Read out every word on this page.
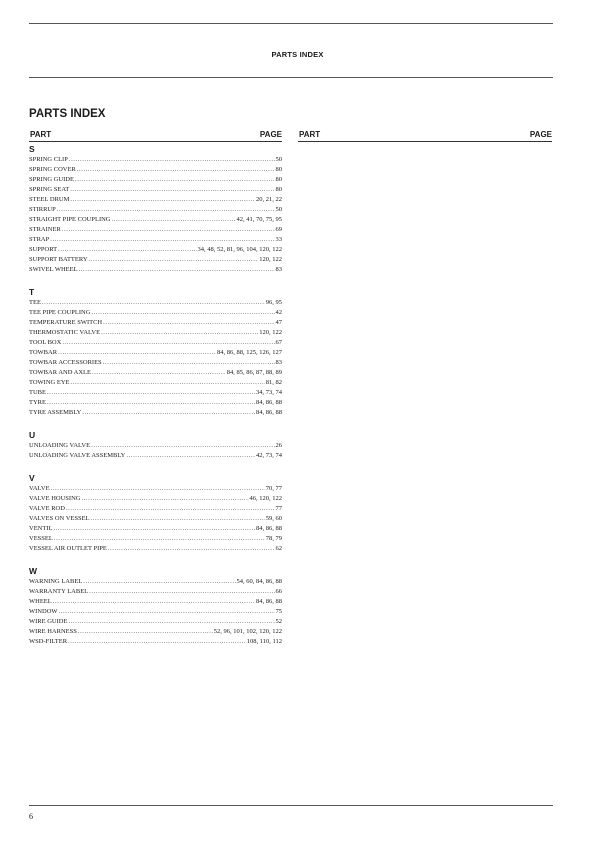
PARTS INDEX
PARTS INDEX
PART	PAGE PART	PAGE
S
SPRING CLIP .....	50
SPRING COVER .....	80
SPRING GUIDE .....	80
SPRING SEAT .....	80
STEEL DRUM .....	20, 21, 22
STIRRUP .....	50
STRAIGHT PIPE COUPLING .....	42, 41, 70, 75, 95
STRAINER .....	69
STRAP .....	33
SUPPORT .....	34, 48, 52, 81, 96, 104, 120, 122
SUPPORT BATTERY .....	120, 122
SWIVEL WHEEL .....	83
T
TEE .....	96, 95
TEE PIPE COUPLING .....	42
TEMPERATURE SWITCH .....	47
THERMOSTATIC VALVE .....	120, 122
TOOL BOX .....	67
TOWBAR .....	84, 86, 88, 125, 126, 127
TOWBAR ACCESSORIES .....	83
TOWBAR AND AXLE .....	84, 85, 86, 87, 88, 89
TOWING EYE .....	81, 82
TUBE .....	34, 73, 74
TYRE .....	84, 86, 88
TYRE ASSEMBLY .....	84, 86, 88
U
UNLOADING VALVE .....	26
UNLOADING VALVE ASSEMBLY .....	42, 73, 74
V
VALVE .....	70, 77
VALVE HOUSING .....	46, 120, 122
VALVE ROD .....	77
VALVES ON VESSEL .....	59, 60
VENTIL .....	84, 86, 88
VESSEL .....	78, 79
VESSEL AIR OUTLET PIPE .....	62
W
WARNING LABEL .....	54, 60, 84, 86, 88
WARRANTY LABEL .....	66
WHEEL .....	84, 86, 88
WINDOW .....	75
WIRE GUIDE .....	52
WIRE HARNESS .....	52, 96, 101, 102, 120, 122
WSD-FILTER .....	108, 110, 112
6
